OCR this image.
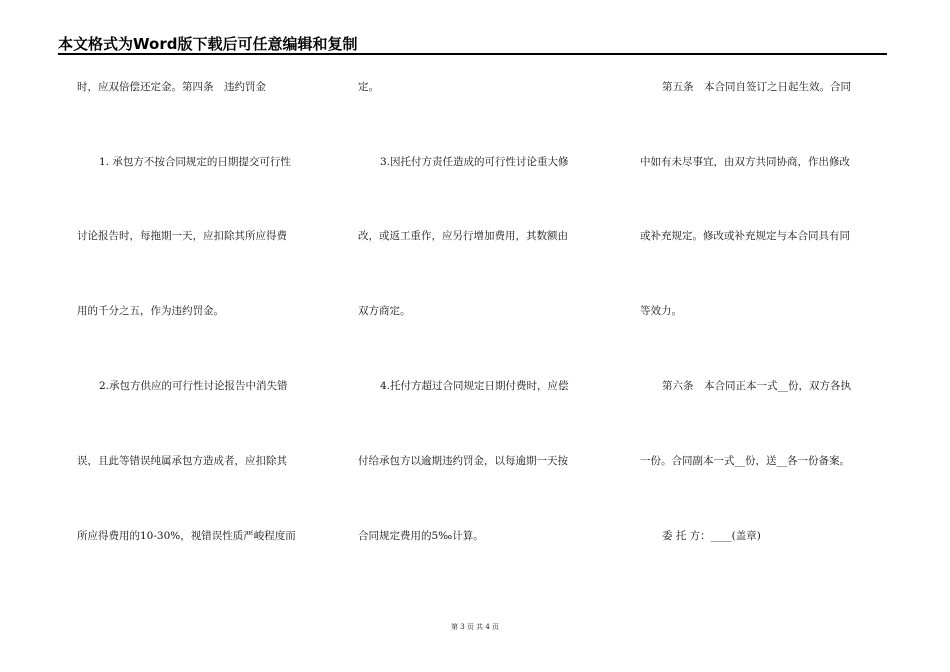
本文格式为Word版下载后可任意编辑和复制
时，应双倍偿还定金。第四条　违约罚金
1. 承包方不按合同规定的日期提交可行性
讨论报告时，每拖期一天，应扣除其所应得费
用的千分之五，作为违约罚金。
2.承包方供应的可行性讨论报告中消失错
误，且此等错误纯属承包方造成者，应扣除其
所应得费用的10-30%，视错误性质严峻程度而
定。
3.因托付方责任造成的可行性讨论重大修
改，或返工重作，应另行增加费用，其数额由
双方商定。
4.托付方超过合同规定日期付费时，应偿
付给承包方以逾期违约罚金，以每逾期一天按
合同规定费用的5‰计算。
第五条　本合同自签订之日起生效。合同
中如有未尽事宜，由双方共同协商，作出修改
或补充规定。修改或补充规定与本合同具有同
等效力。
第六条　本合同正本一式__份，双方各执
一份。合同副本一式__份，送__各一份备案。
委 托 方：____(盖章)
第 3 页 共 4 页
